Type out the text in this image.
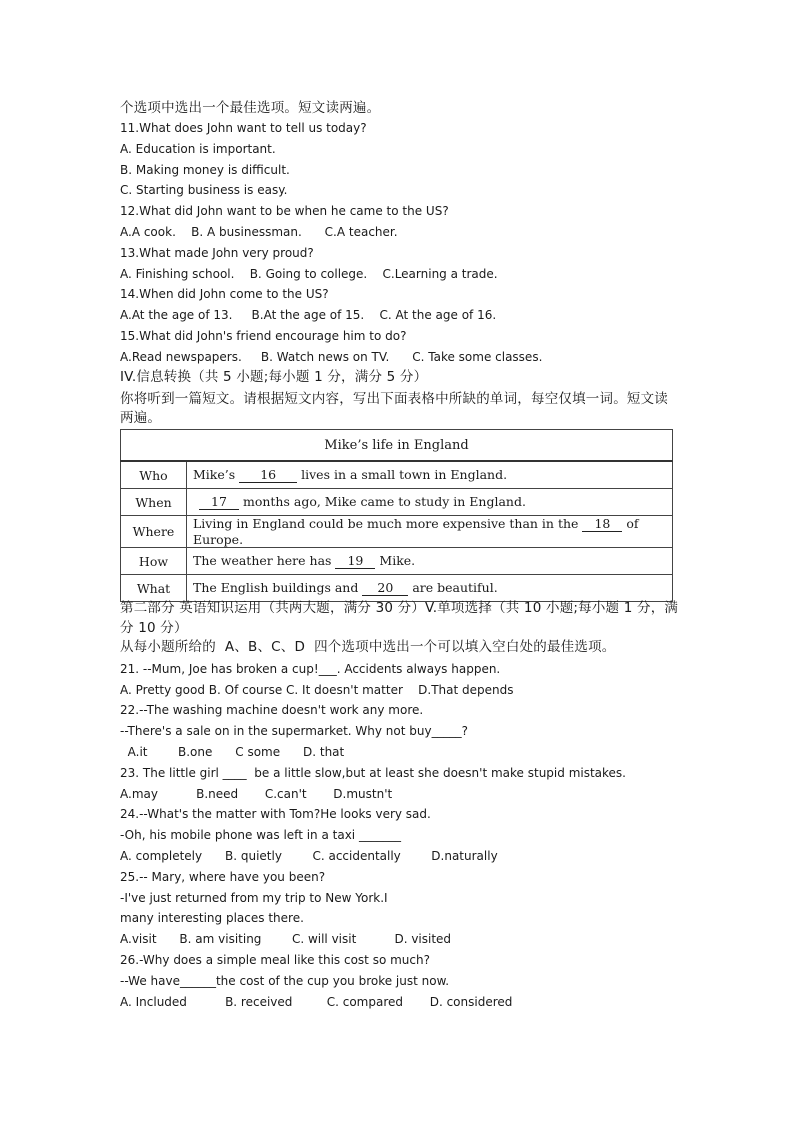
个选项中选出一个最佳选项。短文读两遍。
11.What does John want to tell us today?
A. Education is important.
B. Making money is difficult.
C. Starting business is easy.
12.What did John want to be when he came to the US?
A.A cook.    B. A businessman.      C.A teacher.
13.What made John very proud?
A. Finishing school.    B. Going to college.    C.Learning a trade.
14.When did John come to the US?
A.At the age of 13.     B.At the age of 15.    C. At the age of 16.
15.What did John's friend encourage him to do?
A.Read newspapers.     B. Watch news on TV.      C. Take some classes.
IV.信息转换（共 5 小题;每小题 1 分，满分 5 分）
你将听到一篇短文。请根据短文内容，写出下面表格中所缺的单词，每空仅填一词。短文读两遍。
Mike’s life in England	
Who	Mike’s 16 lives in a small town in England.
When	17 months ago, Mike came to study in England.
Where	Living in England could be much more expensive than in the 18 of Europe.
How	The weather here has 19 Mike.
What	The English buildings and 20 are beautiful.
第二部分 英语知识运用（共两大题，满分 30 分）V.单项选择（共 10 小题;每小题 1 分，满分 10 分）
从每小题所给的  A、B、C、D  四个选项中选出一个可以填入空白处的最佳选项。
21. --Mum, Joe has broken a cup!___. Accidents always happen.
A. Pretty good B. Of course C. It doesn't matter    D.That depends
22.--The washing machine doesn't work any more.
--There's a sale on in the supermarket. Why not buy_____?
A.it        B.one      C some      D. that
23. The little girl ____  be a little slow,but at least she doesn't make stupid mistakes.
A.may          B.need       C.can't       D.mustn't
24.--What's the matter with Tom?He looks very sad.
-Oh, his mobile phone was left in a taxi _______
A. completely      B. quietly        C. accidentally        D.naturally
25.-- Mary, where have you been?
-I've just returned from my trip to New York.I
many interesting places there.
A.visit      B. am visiting        C. will visit          D. visited
26.-Why does a simple meal like this cost so much?
--We have______the cost of the cup you broke just now.
A. Included          B. received         C. compared       D. considered
